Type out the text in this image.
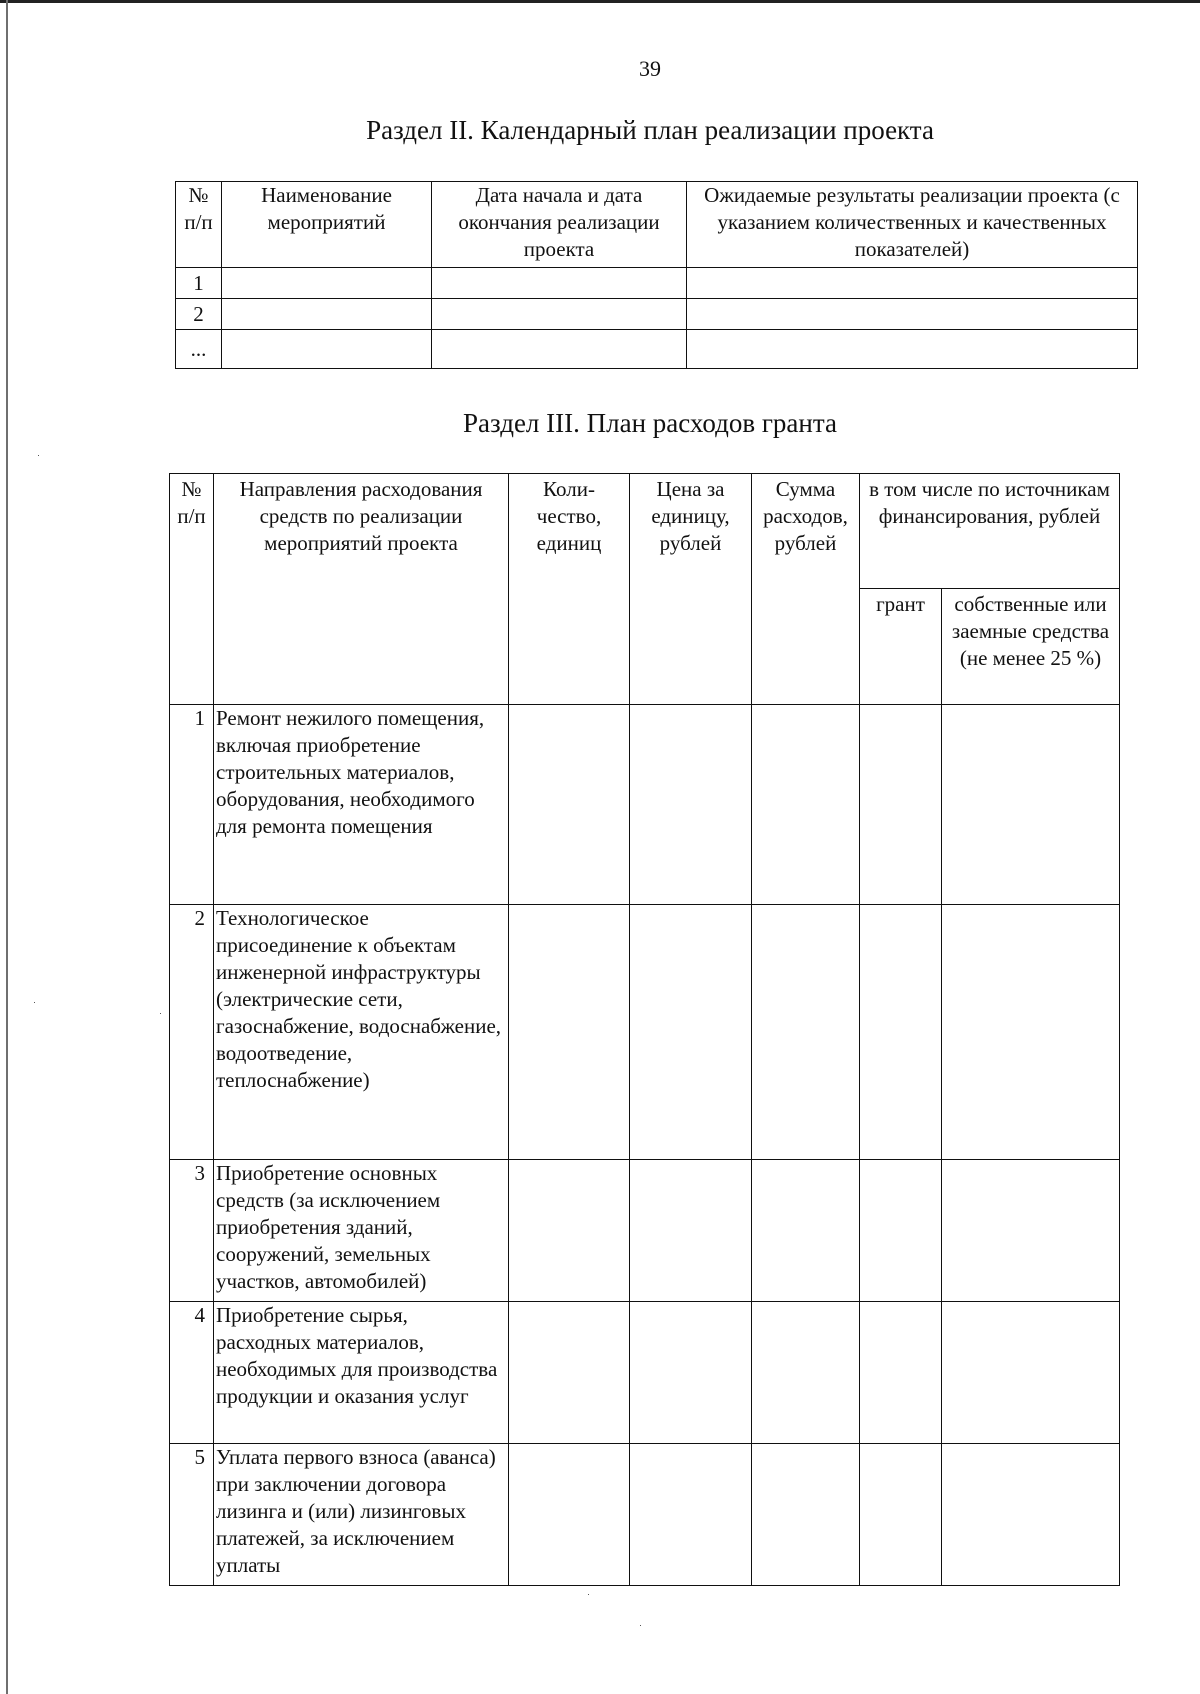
39
Раздел II. Календарный план реализации проекта
№ п/п	Наименование мероприятий	Дата начала и дата окончания реализации проекта	Ожидаемые результаты реализации проекта (с указанием количественных и качественных показателей)
1			
2			
...			
Раздел III. План расходов гранта
№ п/п	Направления расходования средств по реализации мероприятий проекта	Коли- чество, единиц	Цена за единицу, рублей	Сумма расходов, рублей	в том числе по источникам финансирования, рублей	
					грант	собственные или заемные средства (не менее 25 %)
1	Ремонт нежилого помещения, включая приобретение строительных материалов, оборудования, необходимого для ремонта помещения					
2	Технологическое присоединение к объектам инженерной инфраструктуры (электрические сети, газоснабжение, водоснабжение, водоотведение, теплоснабжение)					
3	Приобретение основных средств (за исключением приобретения зданий, сооружений, земельных участков, автомобилей)					
4	Приобретение сырья, расходных материалов, необходимых для производства продукции и оказания услуг					
5	Уплата первого взноса (аванса) при заключении договора лизинга и (или) лизинговых платежей, за исключением уплаты					
